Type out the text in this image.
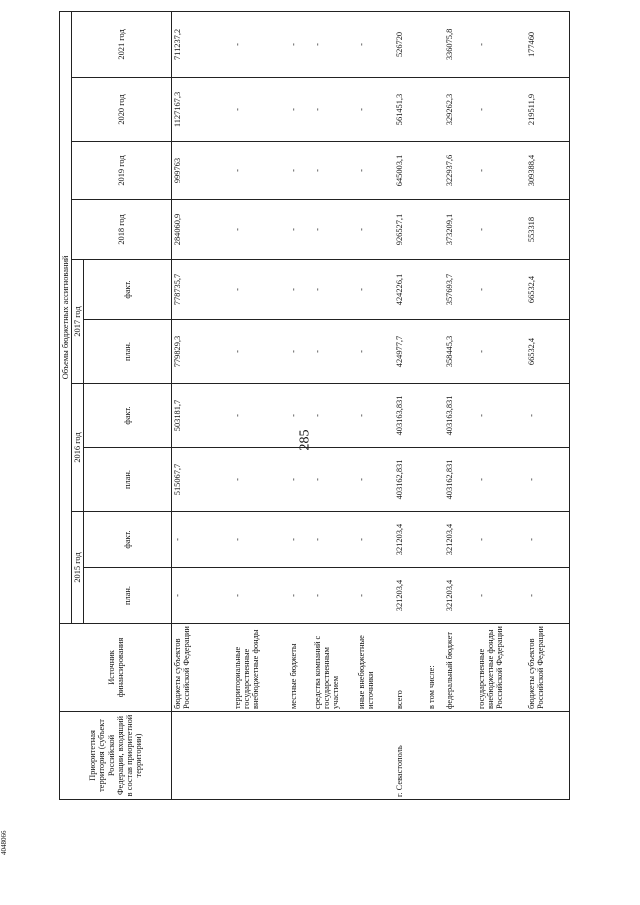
285
4048066
Приоритетная территория (субъект Российской Федерации, входящий в состав приоритетной территории)	Источник финансирования	Объемы бюджетных ассигнований									
		2015 год		2016 год		2017 год		2018 год	2019 год	2020 год	2021 год
		план.	факт.	план.	факт.	план.	факт.				
	бюджеты субъектов Российской Федерации	-	-	515067,7	503181,7	779829,3	778735,7	284060,9	999763	1127167,3	711237,2
	территориальные государственные внебюджетные фонды	-	-	-	-	-	-	-	-	-	-
	местные бюджеты	-	-	-	-	-	-	-	-	-	-
	средства компаний с государственным участием	-	-	-	-	-	-	-	-	-	-
	иные внебюджетные источники	-	-	-	-	-	-	-	-	-	-
г. Севастополь	всего	321203,4	321203,4	403162,831	403163,831	424977,7	424226,1	926527,1	645003,1	561451,3	526720
	в том числе:										
	федеральный бюджет	321203,4	321203,4	403162,831	403163,831	358445,3	357693,7	373209,1	322937,6	329262,3	336075,8
	государственные внебюджетные фонды Российской Федерации	-	-	-	-	-	-	-	-	-	-
	бюджеты субъектов Российской Федерации	-	-	-	-	66532,4	66532,4	553318	309388,4	219511,9	177460
